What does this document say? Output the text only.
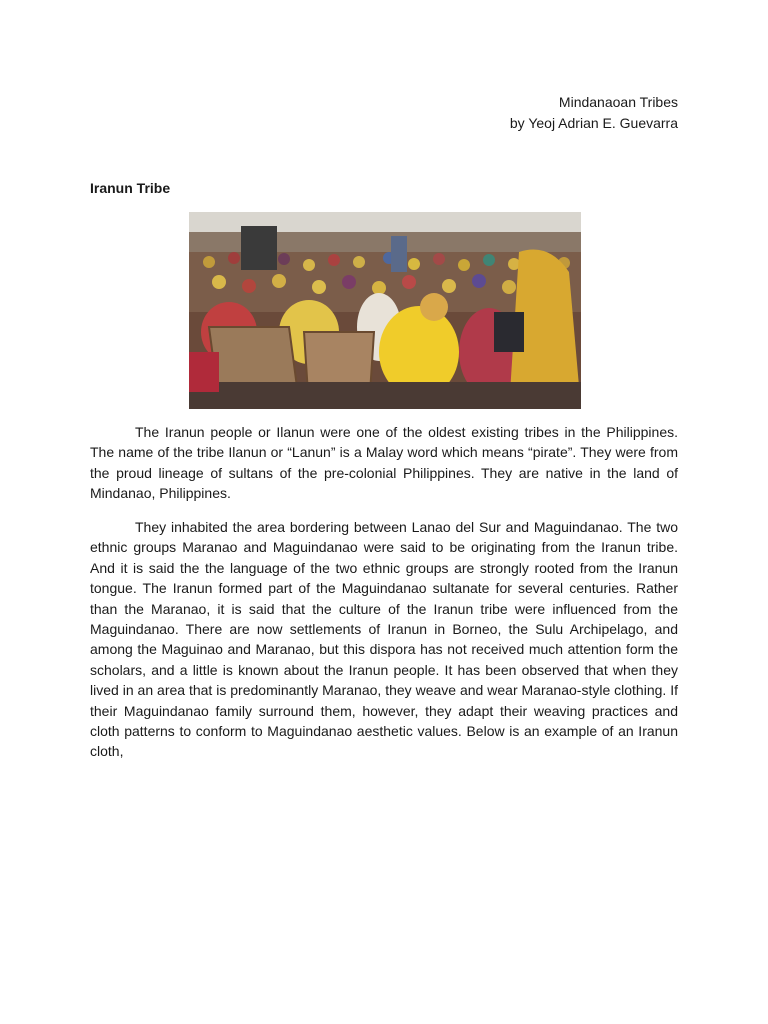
Mindanaoan Tribes
by Yeoj Adrian E. Guevarra
Iranun Tribe

The Iranun people or Ilanun were one of the oldest existing tribes in the Philippines. The name of the tribe Ilanun or “Lanun” is a Malay word which means “pirate”. They were from the proud lineage of sultans of the pre-colonial Philippines. They are native in the land of Mindanao, Philippines.

They inhabited the area bordering between Lanao del Sur and Maguindanao. The two ethnic groups Maranao and Maguindanao were said to be originating from the Iranun tribe. And it is said the the language of the two ethnic groups are strongly rooted from the Iranun tongue. The Iranun formed part of the Maguindanao sultanate for several centuries. Rather than the Maranao, it is said that the culture of the Iranun tribe were influenced from the Maguindanao. There are now settlements of Iranun in Borneo, the Sulu Archipelago, and among the Maguinao and Maranao, but this dispora has not received much attention form the scholars, and a little is known about the Iranun people. It has been observed that when they lived in an area that is predominantly Maranao, they weave and wear Maranao-style clothing. If their Maguindanao family surround them, however, they adapt their weaving practices and cloth patterns to conform to Maguindanao aesthetic values. Below is an example of an Iranun cloth,
